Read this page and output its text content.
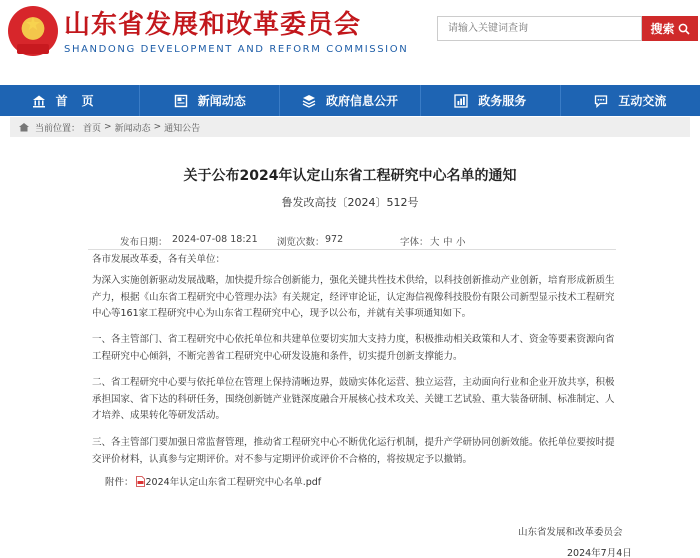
★ 山东省发展和改革委员会
SHANDONG DEVELOPMENT AND REFORM COMMISSION
请输入关键词查询
搜索
首页	新闻动态	政府信息公开	政务服务	互动交流
当前位置： 首页 > 新闻动态 > 通知公告
关于公布2024年认定山东省工程研究中心名单的通知
鲁发改高技〔2024〕512号
发布日期： 2024-07-08 18:21 浏览次数： 972	字体： 大 中 小
各市发展改革委，各有关单位：

为深入实施创新驱动发展战略，加快提升综合创新能力，强化关键共性技术供给，以科技创新推动产业创新，培育形成新质生产力，根据《山东省工程研究中心管理办法》有关规定，经评审论证，认定海信视像科技股份有限公司新型显示技术工程研究中心等161家工程研究中心为山东省工程研究中心，现予以公布，并就有关事项通知如下。

一、各主管部门、省工程研究中心依托单位和共建单位要切实加大支持力度，积极推动相关政策和人才、资金等要素资源向省工程研究中心倾斜，不断完善省工程研究中心研发设施和条件，切实提升创新支撑能力。

二、省工程研究中心要与依托单位在管理上保持清晰边界，鼓励实体化运营、独立运营，主动面向行业和企业开放共享，积极承担国家、省下达的科研任务，围绕创新链产业链深度融合开展核心技术攻关、关键工艺试验、重大装备研制、标准制定、人才培养、成果转化等研发活动。

三、各主管部门要加强日常监督管理，推动省工程研究中心不断优化运行机制，提升产学研协同创新效能。依托单位要按时提交评价材料，认真参与定期评价。对不参与定期评价或评价不合格的，将按规定予以撤销。

附件： 2024年认定山东省工程研究中心名单.pdf
山东省发展和改革委员会
2024年7月4日
